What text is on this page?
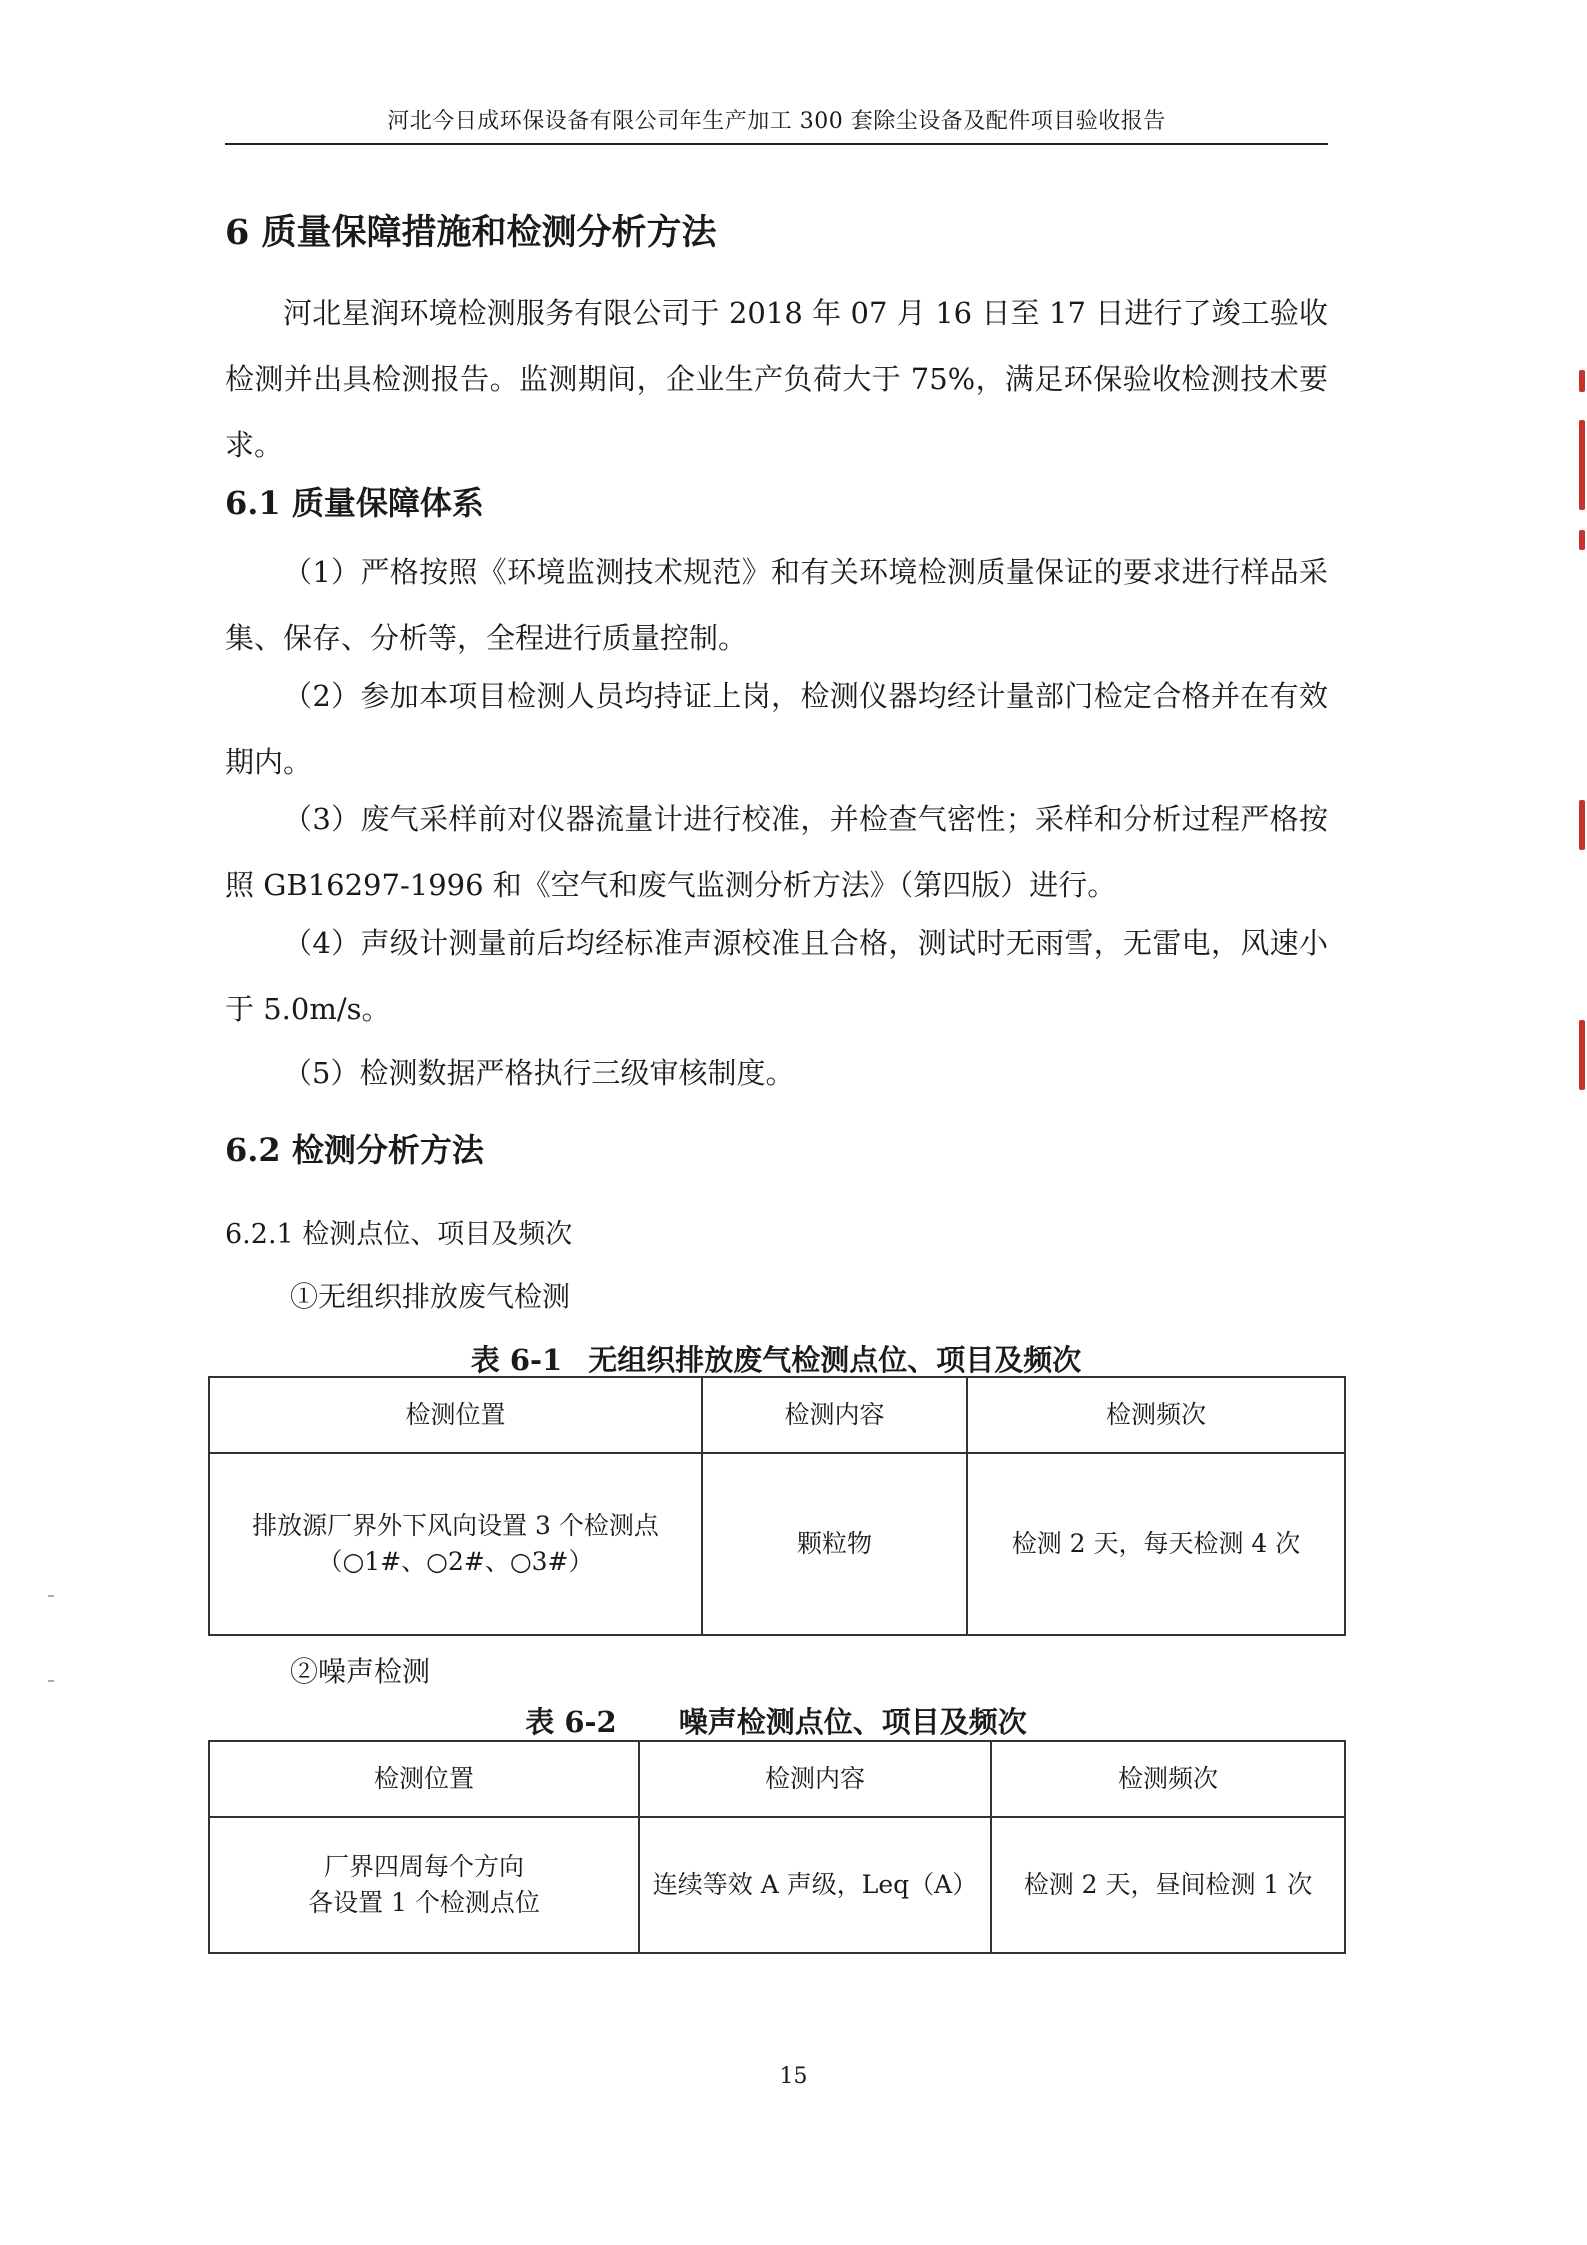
河北今日成环保设备有限公司年生产加工 300 套除尘设备及配件项目验收报告
6 质量保障措施和检测分析方法

河北星润环境检测服务有限公司于 2018 年 07 月 16 日至 17 日进行了竣工验收检测并出具检测报告。监测期间，企业生产负荷大于 75%，满足环保验收检测技术要求。

6.1 质量保障体系

（1）严格按照《环境监测技术规范》和有关环境检测质量保证的要求进行样品采集、保存、分析等，全程进行质量控制。

（2）参加本项目检测人员均持证上岗，检测仪器均经计量部门检定合格并在有效期内。

（3）废气采样前对仪器流量计进行校准，并检查气密性；采样和分析过程严格按照 GB16297-1996 和《空气和废气监测分析方法》（第四版）进行。

（4）声级计测量前后均经标准声源校准且合格，测试时无雨雪，无雷电，风速小于 5.0m/s。

（5）检测数据严格执行三级审核制度。

6.2 检测分析方法
6.2.1 检测点位、项目及频次
①无组织排放废气检测
表 6-1 无组织排放废气检测点位、项目及频次
检测位置	检测内容	检测频次

排放源厂界外下风向设置 3 个检测点
（○1#、○2#、○3#）	颗粒物	检测 2 天，每天检测 4 次
②噪声检测
表 6-2 噪声检测点位、项目及频次
检测位置	检测内容	检测频次

厂界四周每个方向
各设置 1 个检测点位	连续等效 A 声级，Leq（A）	检测 2 天，昼间检测 1 次
15
